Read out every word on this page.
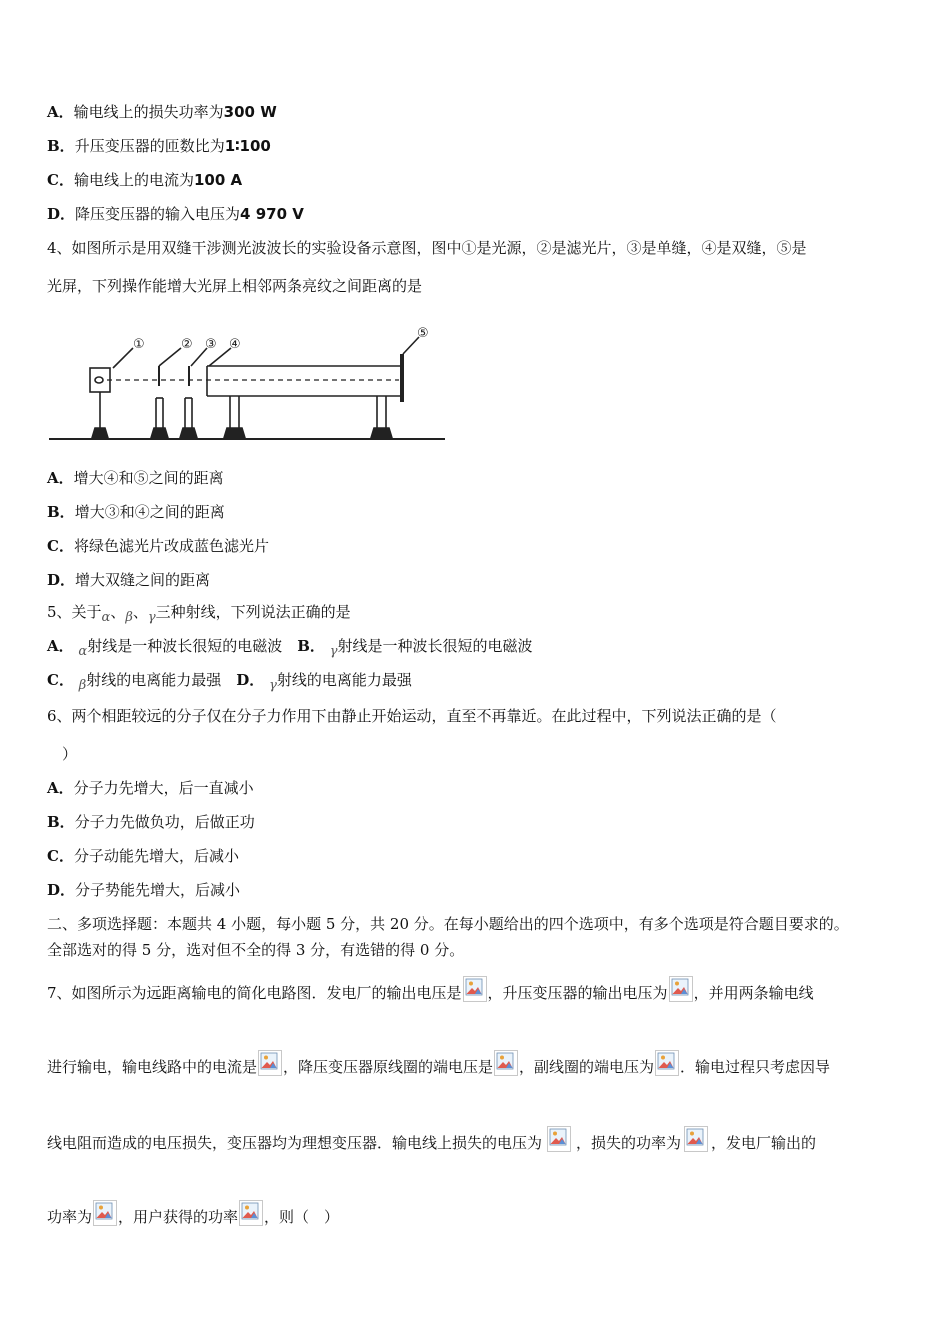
A．输电线上的损失功率为300 W
B．升压变压器的匝数比为1∶100
C．输电线上的电流为100 A
D．降压变压器的输入电压为4 970 V
4、如图所示是用双缝干涉测光波波长的实验设备示意图，图中①是光源，②是滤光片，③是单缝，④是双缝，⑤是
光屏，下列操作能增大光屏上相邻两条亮纹之间距离的是
①	② ③ ④
⑤
A．增大④和⑤之间的距离
B．增大③和④之间的距离
C．将绿色滤光片改成蓝色滤光片
D．增大双缝之间的距离
5、关于α、β、γ三种射线，下列说法正确的是
A． α射线是一种波长很短的电磁波　 B． γ射线是一种波长很短的电磁波
C． β射线的电离能力最强　 D． γ射线的电离能力最强
6、两个相距较远的分子仅在分子力作用下由静止开始运动，直至不再靠近。在此过程中，下列说法正确的是（
）
A．分子力先增大，后一直减小
B．分子力先做负功，后做正功
C．分子动能先增大，后减小
D．分子势能先增大，后减小
二、多项选择题：本题共 4 小题，每小题 5 分，共 20 分。在每小题给出的四个选项中，有多个选项是符合题目要求的。
全部选对的得 5 分，选对但不全的得 3 分，有选错的得 0 分。
7、如图所示为远距离输电的简化电路图．发电厂的输出电压是 ，升压变压器的输出电压为 ，并用两条输电线
进行输电，输电线路中的电流是 ，降压变压器原线圈的端电压是 ，副线圈的端电压为 ．输电过程只考虑因导
线电阻而造成的电压损失，变压器均为理想变压器．输电线上损失的电压为 ，损失的功率为 ，发电厂输出的
功率为 ，用户获得的功率 ，则（　）
